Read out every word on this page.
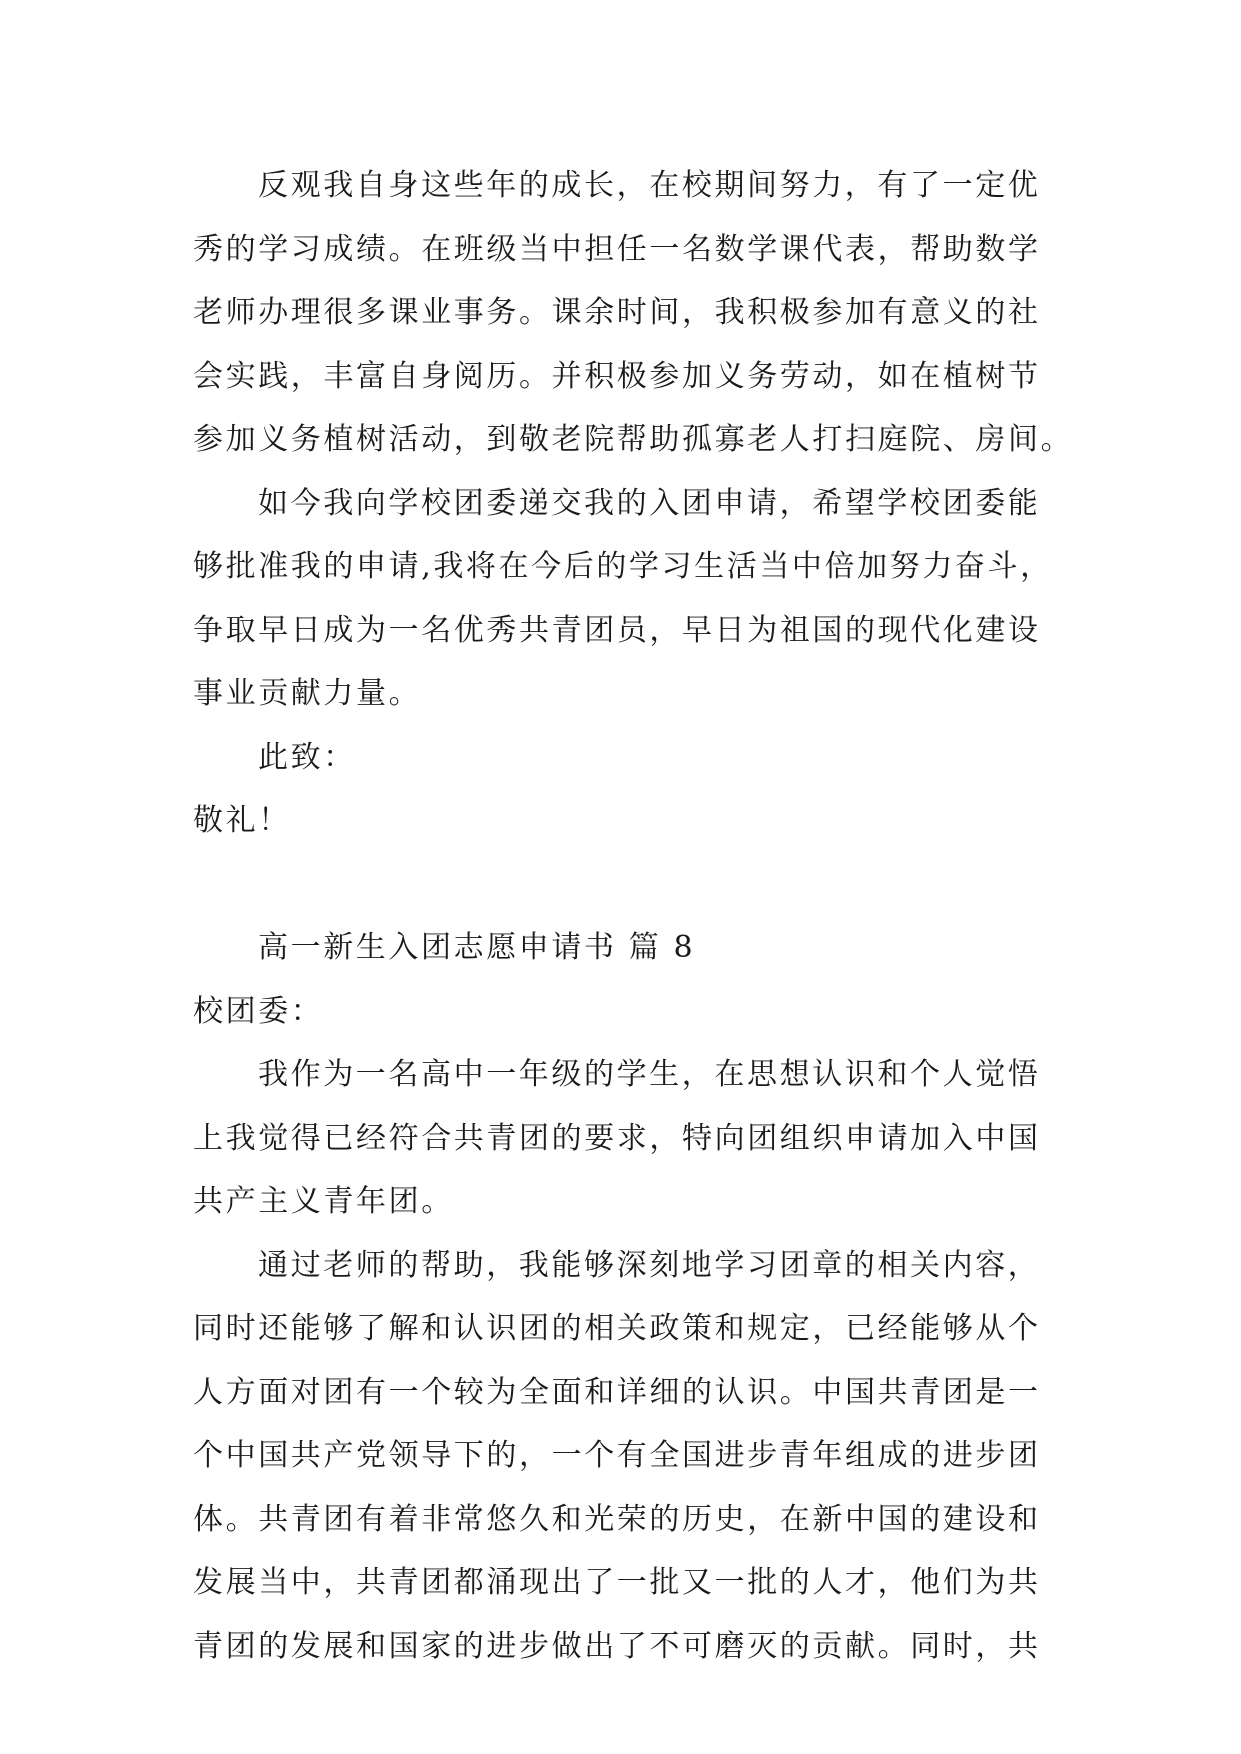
反观我自身这些年的成长，在校期间努力，有了一定优
秀的学习成绩。在班级当中担任一名数学课代表，帮助数学
老师办理很多课业事务。课余时间，我积极参加有意义的社
会实践，丰富自身阅历。并积极参加义务劳动，如在植树节
参加义务植树活动，到敬老院帮助孤寡老人打扫庭院、房间。
如今我向学校团委递交我的入团申请，希望学校团委能
够批准我的申请,我将在今后的学习生活当中倍加努力奋斗，
争取早日成为一名优秀共青团员，早日为祖国的现代化建设
事业贡献力量。
此致：
敬礼！
高一新生入团志愿申请书 篇 8
校团委：
我作为一名高中一年级的学生，在思想认识和个人觉悟
上我觉得已经符合共青团的要求，特向团组织申请加入中国
共产主义青年团。
通过老师的帮助，我能够深刻地学习团章的相关内容，
同时还能够了解和认识团的相关政策和规定，已经能够从个
人方面对团有一个较为全面和详细的认识。中国共青团是一
个中国共产党领导下的，一个有全国进步青年组成的进步团
体。共青团有着非常悠久和光荣的历史，在新中国的建设和
发展当中，共青团都涌现出了一批又一批的人才，他们为共
青团的发展和国家的进步做出了不可磨灭的贡献。同时，共
